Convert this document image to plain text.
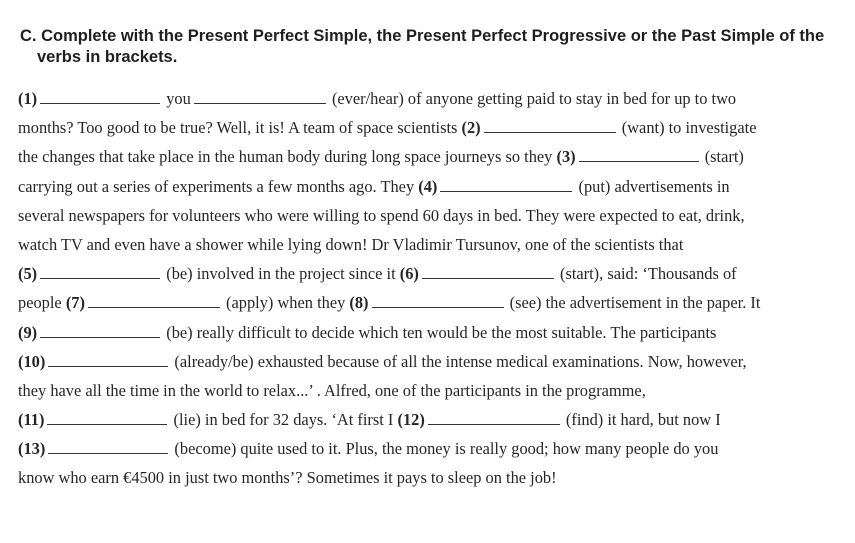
C. Complete with the Present Perfect Simple, the Present Perfect Progressive or the Past Simple of the
verbs in brackets.
(1)	you	(ever/hear) of anyone getting paid to stay in bed for up to two
months? Too good to be true? Well, it is! A team of space scientists (2)	(want) to investigate
the changes that take place in the human body during long space journeys so they (3)	(start)
carrying out a series of experiments a few months ago. They (4)	(put) advertisements in
several newspapers for volunteers who were willing to spend 60 days in bed. They were expected to eat, drink,
watch TV and even have a shower while lying down! Dr Vladimir Tursunov, one of the scientists that
(5)	(be) involved in the project since it (6)	(start), said: ‘Thousands of
people (7)	(apply) when they (8)	(see) the advertisement in the paper. It
(9)	(be) really difficult to decide which ten would be the most suitable. The participants
(10)	(already/be) exhausted because of all the intense medical examinations. Now, however,
they have all the time in the world to relax...’ . Alfred, one of the participants in the programme,
(11)	(lie) in bed for 32 days. ‘At first I (12)	(find) it hard, but now I
(13)	(become) quite used to it. Plus, the money is really good; how many people do you
know who earn €4500 in just two months’? Sometimes it pays to sleep on the job!
